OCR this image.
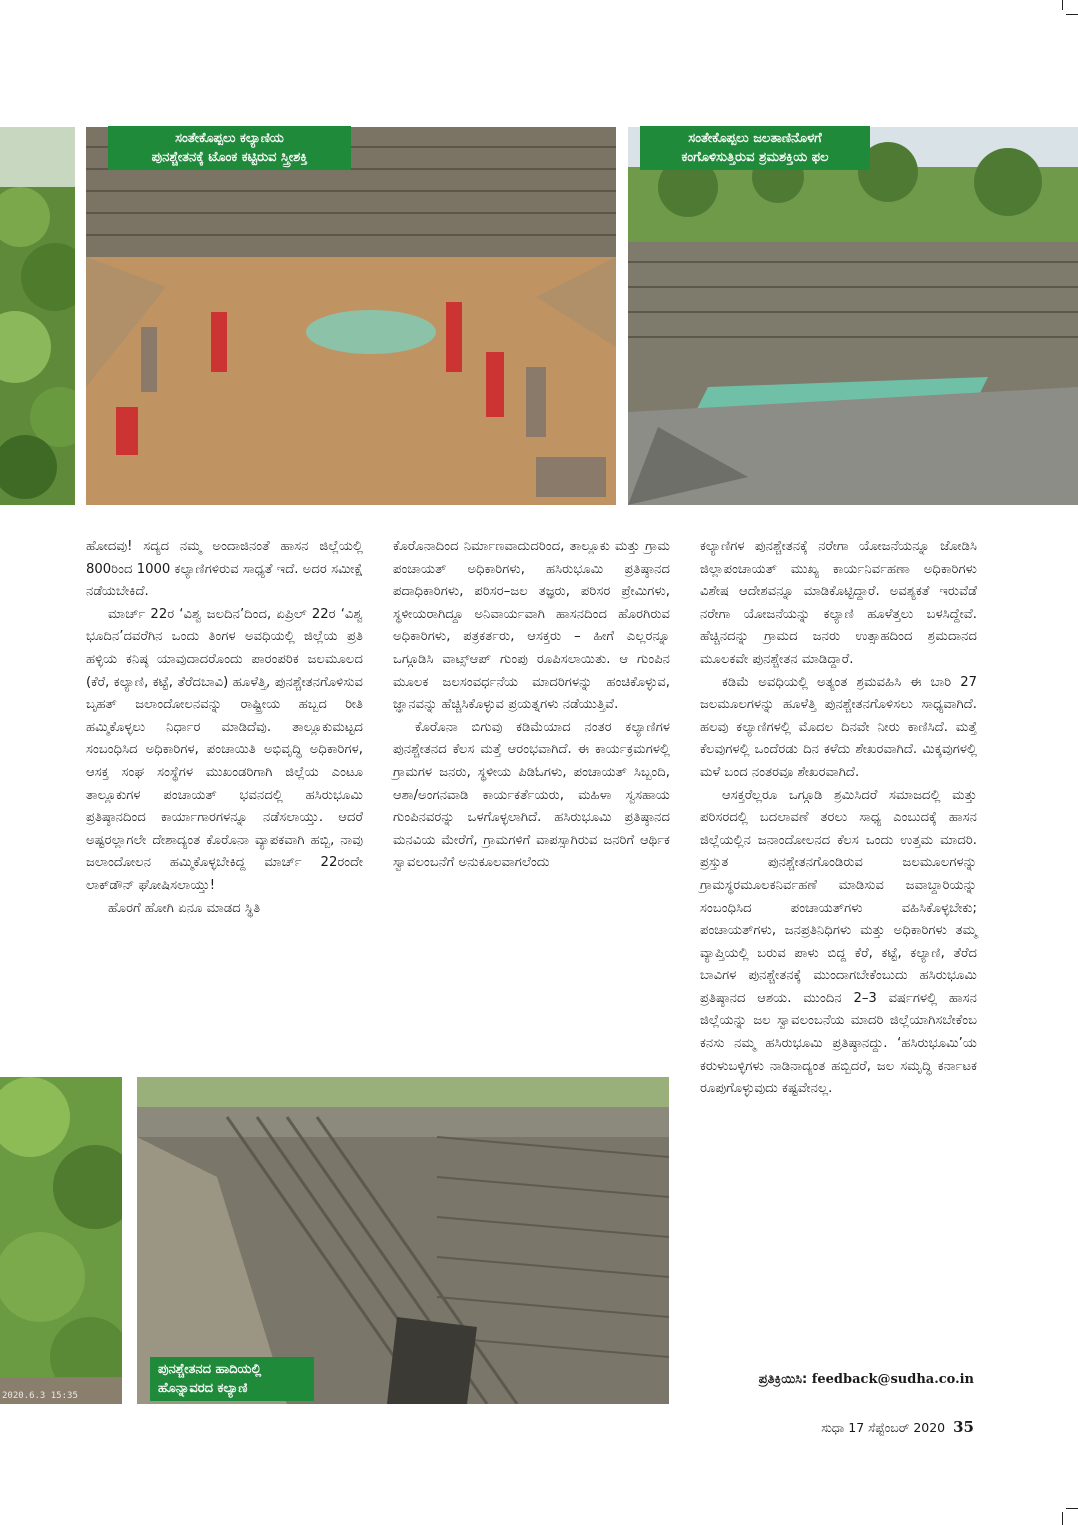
ಸಂತೇಕೊಪ್ಪಲು ಕಲ್ಯಾಣಿಯ
ಪುನಶ್ಚೇತನಕ್ಕೆ ಟೊಂಕ ಕಟ್ಟಿರುವ ಸ್ತ್ರೀಶಕ್ತಿ
ಸಂತೇಕೊಪ್ಪಲು ಜಲತಾಣಿನೊಳಗೆ
ಕಂಗೊಳಿಸುತ್ತಿರುವ ಶ್ರಮಶಕ್ತಿಯ ಫಲ

ಹೋದವು! ಸದ್ಯದ ನಮ್ಮ ಅಂದಾಜಿನಂತೆ ಹಾಸನ ಜಿಲ್ಲೆಯಲ್ಲಿ 800ರಿಂದ 1000 ಕಲ್ಯಾಣಿಗಳಿರುವ ಸಾಧ್ಯತೆ ಇದೆ. ಅದರ ಸಮೀಕ್ಷೆ ನಡೆಯಬೇಕಿದೆ.

ಮಾರ್ಚ್ 22ರ ‘ವಿಶ್ವ ಜಲದಿನ’ದಿಂದ, ಏಪ್ರಿಲ್ 22ರ ‘ವಿಶ್ವ ಭೂದಿನ’ದವರೆಗಿನ ಒಂದು ತಿಂಗಳ ಅವಧಿಯಲ್ಲಿ ಜಿಲ್ಲೆಯ ಪ್ರತಿ ಹಳ್ಳಿಯ ಕನಿಷ್ಠ ಯಾವುದಾದರೊಂದು ಪಾರಂಪರಿಕ ಜಲಮೂಲದ (ಕೆರೆ, ಕಲ್ಯಾಣಿ, ಕಟ್ಟೆ, ತೆರೆದಬಾವಿ) ಹೂಳೆತ್ತಿ, ಪುನಶ್ಚೇತನಗೊಳಿಸುವ ಬೃಹತ್ ಜಲಾಂದೋಲನವನ್ನು ರಾಷ್ಟ್ರೀಯ ಹಬ್ಬದ ರೀತಿ ಹಮ್ಮಿಕೊಳ್ಳಲು ನಿರ್ಧಾರ ಮಾಡಿದೆವು. ತಾಲ್ಲೂಕುಮಟ್ಟದ ಸಂಬಂಧಿಸಿದ ಅಧಿಕಾರಿಗಳ, ಪಂಚಾಯಿತಿ ಅಭಿವೃದ್ಧಿ ಅಧಿಕಾರಿಗಳ, ಆಸಕ್ತ ಸಂಘ ಸಂಸ್ಥೆಗಳ ಮುಖಂಡರಿಗಾಗಿ ಜಿಲ್ಲೆಯ ಎಂಟೂ ತಾಲ್ಲೂಕುಗಳ ಪಂಚಾಯತ್ ಭವನದಲ್ಲಿ ಹಸಿರುಭೂಮಿ ಪ್ರತಿಷ್ಠಾನದಿಂದ ಕಾರ್ಯಾಗಾರಗಳನ್ನೂ ನಡೆಸಲಾಯ್ತು. ಆದರೆ ಅಷ್ಟರಲ್ಲಾಗಲೇ ದೇಶಾದ್ಯಂತ ಕೊರೊನಾ ವ್ಯಾಪಕವಾಗಿ ಹಬ್ಬಿ, ನಾವು ಜಲಾಂದೋಲನ ಹಮ್ಮಿಕೊಳ್ಳಬೇಕಿದ್ದ ಮಾರ್ಚ್ 22ರಂದೇ ಲಾಕ್‌ಡೌನ್ ಘೋಷಿಸಲಾಯ್ತು!

ಹೊರಗೆ ಹೋಗಿ ಏನೂ ಮಾಡದ ಸ್ಥಿತಿ

ಕೊರೊನಾದಿಂದ ನಿರ್ಮಾಣವಾದುದರಿಂದ, ತಾಲ್ಲೂಕು ಮತ್ತು ಗ್ರಾಮ ಪಂಚಾಯತ್ ಅಧಿಕಾರಿಗಳು, ಹಸಿರುಭೂಮಿ ಪ್ರತಿಷ್ಠಾನದ ಪದಾಧಿಕಾರಿಗಳು, ಪರಿಸರ–ಜಲ ತಜ್ಞರು, ಪರಿಸರ ಪ್ರೇಮಿಗಳು, ಸ್ಥಳೀಯರಾಗಿದ್ದೂ ಅನಿವಾರ್ಯವಾಗಿ ಹಾಸನದಿಂದ ಹೊರಗಿರುವ ಅಧಿಕಾರಿಗಳು, ಪತ್ರಕರ್ತರು, ಆಸಕ್ತರು – ಹೀಗೆ ಎಲ್ಲರನ್ನೂ ಒಗ್ಗೂಡಿಸಿ ವಾಟ್ಸ್‌ಆಪ್ ಗುಂಪು ರೂಪಿಸಲಾಯಿತು. ಆ ಗುಂಪಿನ ಮೂಲಕ ಜಲಸಂವರ್ಧನೆಯ ಮಾದರಿಗಳನ್ನು ಹಂಚಿಕೊಳ್ಳುವ, ಜ್ಞಾನವನ್ನು ಹೆಚ್ಚಿಸಿಕೊಳ್ಳುವ ಪ್ರಯತ್ನಗಳು ನಡೆಯುತ್ತಿವೆ.

ಕೊರೊನಾ ಬಿಗುವು ಕಡಿಮೆಯಾದ ನಂತರ ಕಲ್ಯಾಣಿಗಳ ಪುನಶ್ಚೇತನದ ಕೆಲಸ ಮತ್ತೆ ಆರಂಭವಾಗಿದೆ. ಈ ಕಾರ್ಯಕ್ರಮಗಳಲ್ಲಿ ಗ್ರಾಮಗಳ ಜನರು, ಸ್ಥಳೀಯ ಪಿಡಿಓಗಳು, ಪಂಚಾಯತ್ ಸಿಬ್ಬಂದಿ, ಆಶಾ/ಅಂಗನವಾಡಿ ಕಾರ್ಯಕರ್ತೆಯರು, ಮಹಿಳಾ ಸ್ವಸಹಾಯ ಗುಂಪಿನವರನ್ನು ಒಳಗೊಳ್ಳಲಾಗಿದೆ. ಹಸಿರುಭೂಮಿ ಪ್ರತಿಷ್ಠಾನದ ಮನವಿಯ ಮೇರೆಗೆ, ಗ್ರಾಮಗಳಿಗೆ ವಾಪಸ್ಸಾಗಿರುವ ಜನರಿಗೆ ಆರ್ಥಿಕ ಸ್ವಾವಲಂಬನೆಗೆ ಅನುಕೂಲವಾಗಲೆಂದು

ಕಲ್ಯಾಣಿಗಳ ಪುನಶ್ಚೇತನಕ್ಕೆ ನರೇಗಾ ಯೋಜನೆಯನ್ನೂ ಜೋಡಿಸಿ ಜಿಲ್ಲಾಪಂಚಾಯತ್ ಮುಖ್ಯ ಕಾರ್ಯನಿರ್ವಹಣಾ ಅಧಿಕಾರಿಗಳು ವಿಶೇಷ ಆದೇಶವನ್ನೂ ಮಾಡಿಕೊಟ್ಟಿದ್ದಾರೆ. ಅವಶ್ಯಕತೆ ಇರುವೆಡೆ ನರೇಗಾ ಯೋಜನೆಯನ್ನು ಕಲ್ಯಾಣಿ ಹೂಳೆತ್ತಲು ಬಳಸಿದ್ದೇವೆ. ಹೆಚ್ಚಿನದನ್ನು ಗ್ರಾಮದ ಜನರು ಉತ್ಸಾಹದಿಂದ ಶ್ರಮದಾನದ ಮೂಲಕವೇ ಪುನಶ್ಚೇತನ ಮಾಡಿದ್ದಾರೆ.

ಕಡಿಮೆ ಅವಧಿಯಲ್ಲಿ ಅತ್ಯಂತ ಶ್ರಮವಹಿಸಿ ಈ ಬಾರಿ 27 ಜಲಮೂಲಗಳನ್ನು ಹೂಳೆತ್ತಿ ಪುನಶ್ಚೇತನಗೊಳಿಸಲು ಸಾಧ್ಯವಾಗಿದೆ. ಹಲವು ಕಲ್ಯಾಣಿಗಳಲ್ಲಿ ಮೊದಲ ದಿನವೇ ನೀರು ಕಾಣಿಸಿದೆ. ಮತ್ತೆ ಕೆಲವುಗಳಲ್ಲಿ ಒಂದೆರಡು ದಿನ ಕಳೆದು ಶೇಖರವಾಗಿದೆ. ಮಿಕ್ಕವುಗಳಲ್ಲಿ ಮಳೆ ಬಂದ ನಂತರವೂ ಶೇಖರವಾಗಿದೆ.

ಆಸಕ್ತರೆಲ್ಲರೂ ಒಗ್ಗೂಡಿ ಶ್ರಮಿಸಿದರೆ ಸಮಾಜದಲ್ಲಿ ಮತ್ತು ಪರಿಸರದಲ್ಲಿ ಬದಲಾವಣೆ ತರಲು ಸಾಧ್ಯ ಎಂಬುದಕ್ಕೆ ಹಾಸನ ಜಿಲ್ಲೆಯಲ್ಲಿನ ಜನಾಂದೋಲನದ ಕೆಲಸ ಒಂದು ಉತ್ತಮ ಮಾದರಿ. ಪ್ರಸ್ತುತ ಪುನಶ್ಚೇತನಗೊಂಡಿರುವ ಜಲಮೂಲಗಳನ್ನು ಗ್ರಾಮಸ್ಥರಮೂಲಕನಿರ್ವಹಣೆ ಮಾಡಿಸುವ ಜವಾಬ್ದಾರಿಯನ್ನು ಸಂಬಂಧಿಸಿದ ಪಂಚಾಯತ್‌ಗಳು ವಹಿಸಿಕೊಳ್ಳಬೇಕು; ಪಂಚಾಯತ್‌ಗಳು, ಜನಪ್ರತಿನಿಧಿಗಳು ಮತ್ತು ಅಧಿಕಾರಿಗಳು ತಮ್ಮ ವ್ಯಾಪ್ತಿಯಲ್ಲಿ ಬರುವ ಪಾಳು ಬಿದ್ದ ಕೆರೆ, ಕಟ್ಟೆ, ಕಲ್ಯಾಣಿ, ತೆರೆದ ಬಾವಿಗಳ ಪುನಶ್ಚೇತನಕ್ಕೆ ಮುಂದಾಗಬೇಕೆಂಬುದು ಹಸಿರುಭೂಮಿ ಪ್ರತಿಷ್ಠಾನದ ಆಶಯ. ಮುಂದಿನ 2–3 ವರ್ಷಗಳಲ್ಲಿ ಹಾಸನ ಜಿಲ್ಲೆಯನ್ನು ಜಲ ಸ್ವಾವಲಂಬನೆಯ ಮಾದರಿ ಜಿಲ್ಲೆಯಾಗಿಸಬೇಕೆಂಬ ಕನಸು ನಮ್ಮ ಹಸಿರುಭೂಮಿ ಪ್ರತಿಷ್ಠಾನದ್ದು. ‘ಹಸಿರುಭೂಮಿ’ಯ ಕರುಳುಬಳ್ಳಿಗಳು ನಾಡಿನಾದ್ಯಂತ ಹಬ್ಬಿದರೆ, ಜಲ ಸಮೃದ್ಧಿ ಕರ್ನಾಟಕ ರೂಪುಗೊಳ್ಳುವುದು ಕಷ್ಟವೇನಲ್ಲ.

2020.6.3 15:35
ಪುನಶ್ಚೇತನದ ಹಾದಿಯಲ್ಲಿ
ಹೊನ್ನಾವರದ ಕಲ್ಯಾಣಿ
ಪ್ರತಿಕ್ರಿಯಿಸಿ: feedback@sudha.co.in
ಸುಧಾ 17 ಸೆಪ್ಟೆಂಬರ್ 2020 35
